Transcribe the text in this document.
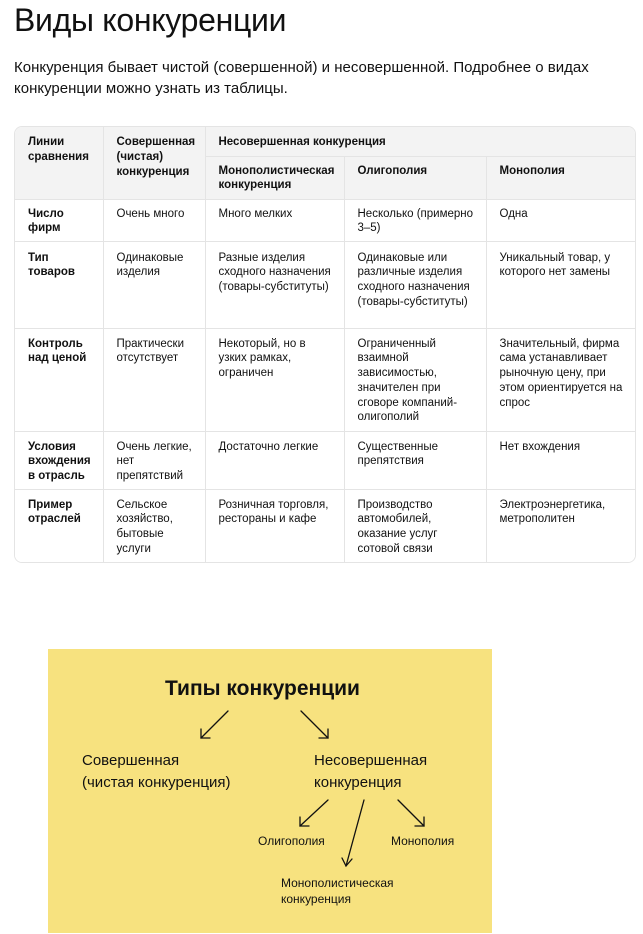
Виды конкуренции

Конкуренция бывает чистой (совершенной) и несовершенной. Подробнее о видах конкуренции можно узнать из таблицы.

Линии сравнения	Совершенная (чистая) конкуренция	Несовершенная конкуренция		
		Монополистическая конкуренция	Олигополия	Монополия
Число фирм	Очень много	Много мелких	Несколько (примерно 3–5)	Одна
Тип товаров	Одинаковые изделия	Разные изделия сходного назначения (товары-субституты)	Одинаковые или различные изделия сходного назначения (товары-субституты)	Уникальный товар, у которого нет замены
Контроль над ценой	Практически отсутствует	Некоторый, но в узких рамках, ограничен	Ограниченный взаимной зависимостью, значителен при сговоре компаний-олигополий	Значительный, фирма сама устанавливает рыночную цену, при этом ориентируется на спрос
Условия вхождения в отрасль	Очень легкие, нет препятствий	Достаточно легкие	Существенные препятствия	Нет вхождения
Пример отраслей	Сельское хозяйство, бытовые услуги	Розничная торговля, рестораны и кафе	Производство автомобилей, оказание услуг сотовой связи	Электроэнергетика, метрополитен

Типы конкуренции

Совершенная

(чистая конкуренция)

Несовершенная

конкуренция

Олигополия	Монополия

Монополистическая

конкуренция
